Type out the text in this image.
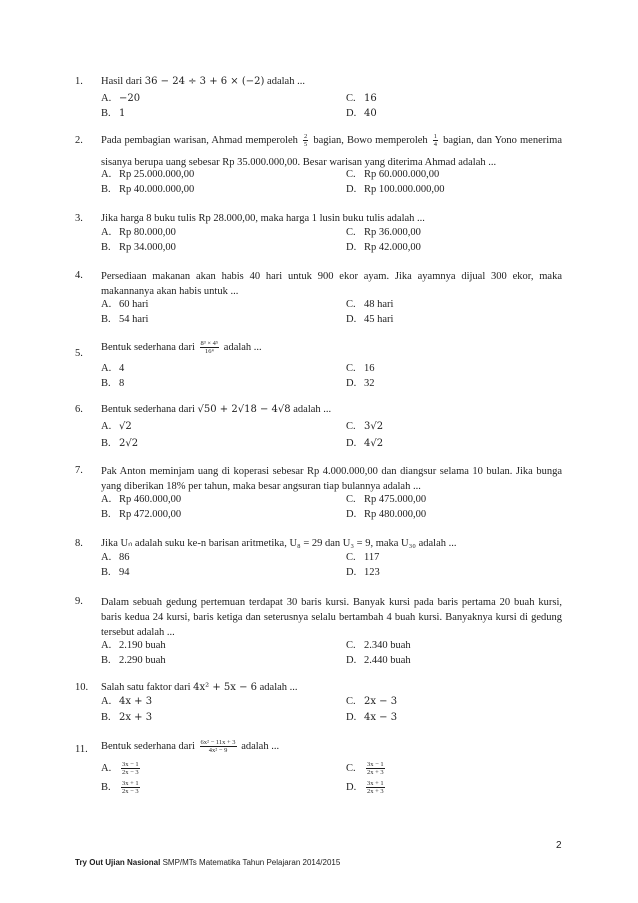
1. Hasil dari 36 − 24 ÷ 3 + 6 × (−2) adalah ...
A. −20	C. 16
B. 1	D. 40
2. Pada pembagian warisan, Ahmad memperoleh $\frac{2}{5}$ bagian, Bowo memperoleh $\frac{1}{4}$ bagian, dan Yono menerima sisanya berupa uang sebesar Rp 35.000.000,00. Besar warisan yang diterima Ahmad adalah ...
A. Rp 25.000.000,00	C. Rp 60.000.000,00
B. Rp 40.000.000,00	D. Rp 100.000.000,00
3. Jika harga 8 buku tulis Rp 28.000,00, maka harga 1 lusin buku tulis adalah ...
A. Rp 80.000,00	C. Rp 36.000,00
B. Rp 34.000,00	D. Rp 42.000,00
4. Persediaan makanan akan habis 40 hari untuk 900 ekor ayam. Jika ayamnya dijual 300 ekor, maka makannanya akan habis untuk ...
A. 60 hari	C. 48 hari
B. 54 hari	D. 45 hari
5.
Bentuk sederhana dari $\frac{\text{8³ × 4⁵}}{\text{16⁴}}$ adalah ...
A. 4	C. 16
B. 8	D. 32
6. Bentuk sederhana dari √50 + 2√18 − 4√8 adalah ...
A. √2	C. 3√2
B. 2√2	D. 4√2
7. Pak Anton meminjam uang di koperasi sebesar Rp 4.000.000,00 dan diangsur selama 10 bulan. Jika bunga yang diberikan 18% per tahun, maka besar angsuran tiap bulannya adalah ...
A. Rp 460.000,00	C. Rp 475.000,00
B. Rp 472.000,00	D. Rp 480.000,00
8. Jika Uₙ adalah suku ke-n barisan aritmetika, U₈ = 29 dan U₃ = 9, maka U₃₀ adalah ...
A. 86	C. 117
B. 94	D. 123
9. Dalam sebuah gedung pertemuan terdapat 30 baris kursi. Banyak kursi pada baris pertama 20 buah kursi, baris kedua 24 kursi, baris ketiga dan seterusnya selalu bertambah 4 buah kursi. Banyaknya kursi di gedung tersebut adalah ...
A. 2.190 buah	C. 2.340 buah
B. 2.290 buah	D. 2.440 buah
10. Salah satu faktor dari 4x² + 5x − 6 adalah ...
A. 4x + 3	C. 2x − 3
B. 2x + 3	D. 4x − 3
11. Bentuk sederhana dari $\frac{\text{6x² − 11x + 3}}{\text{4x² − 9}}$ adalah ...
A. $\frac{3x - 1}{2x - 3}$	C. $\frac{3x - 1}{2x + 3}$
B. $\frac{3x + 1}{2x - 3}$	D. $\frac{3x + 1}{2x + 3}$
2
Try Out Ujian Nasional SMP/MTs Matematika Tahun Pelajaran 2014/2015
